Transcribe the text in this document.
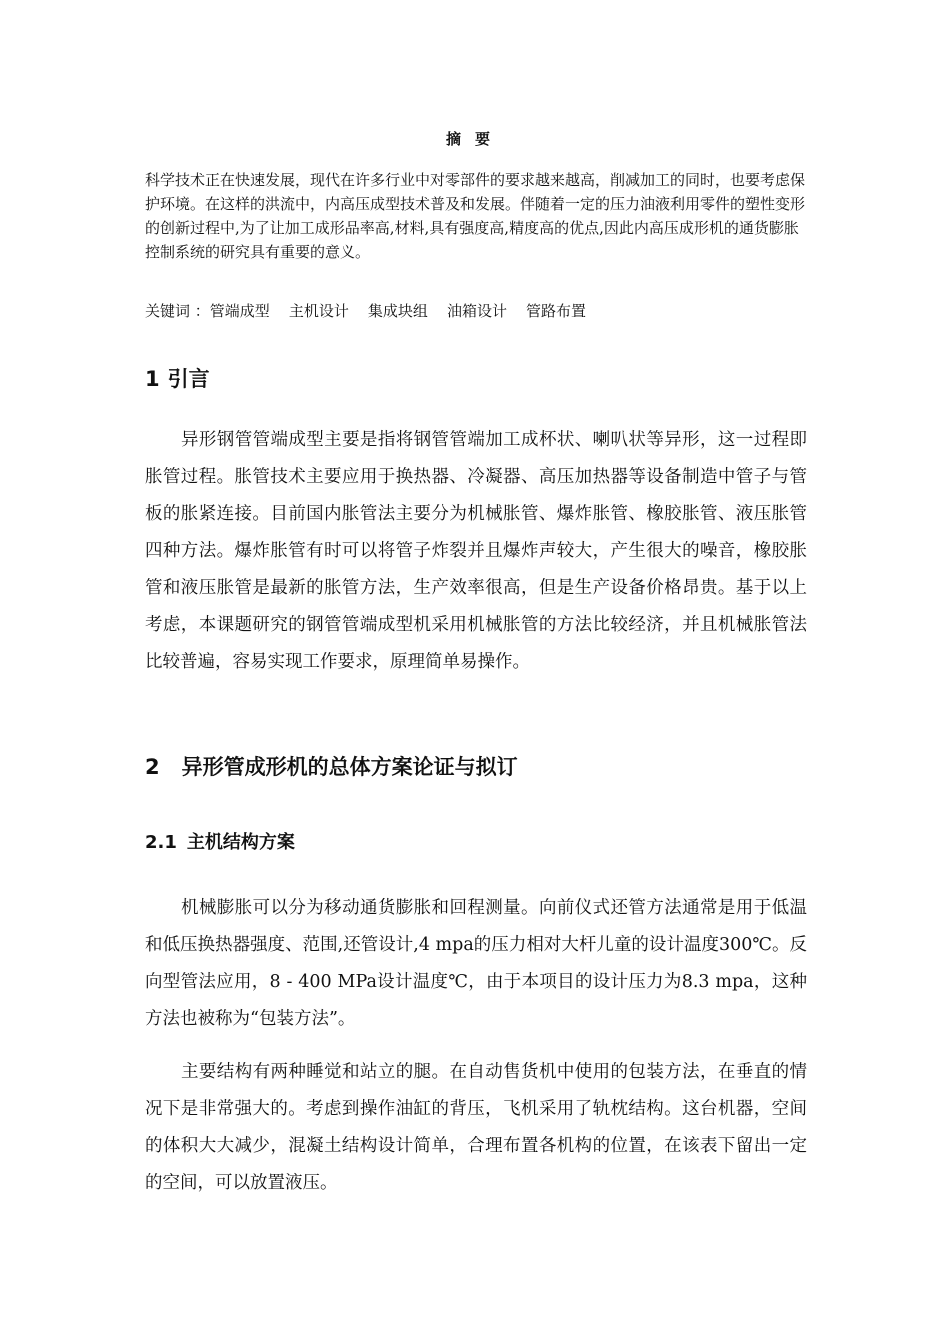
摘要

科学技术正在快速发展，现代在许多行业中对零部件的要求越来越高，削减加工的同时，也要考虑保护环境。在这样的洪流中，内高压成型技术普及和发展。伴随着一定的压力油液利用零件的塑性变形的创新过程中,为了让加工成形品率高,材料,具有强度高,精度高的优点,因此内高压成形机的通货膨胀控制系统的研究具有重要的意义。

关键词 ：管端成型    主机设计    集成块组    油箱设计    管路布置
1 引言

异形钢管管端成型主要是指将钢管管端加工成杯状、喇叭状等异形，这一过程即胀管过程。胀管技术主要应用于换热器、冷凝器、高压加热器等设备制造中管子与管板的胀紧连接。目前国内胀管法主要分为机械胀管、爆炸胀管、橡胶胀管、液压胀管四种方法。爆炸胀管有时可以将管子炸裂并且爆炸声较大，产生很大的噪音，橡胶胀管和液压胀管是最新的胀管方法，生产效率很高，但是生产设备价格昂贵。基于以上考虑，本课题研究的钢管管端成型机采用机械胀管的方法比较经济，并且机械胀管法比较普遍，容易实现工作要求，原理简单易操作。

2 异形管成形机的总体方案论证与拟订
2.1 主机结构方案

机械膨胀可以分为移动通货膨胀和回程测量。向前仪式还管方法通常是用于低温和低压换热器强度、范围,还管设计,4 mpa的压力相对大杆儿童的设计温度300℃。反向型管法应用，8 - 400 MPa设计温度℃，由于本项目的设计压力为8.3 mpa，这种方法也被称为“包装方法”。

主要结构有两种睡觉和站立的腿。在自动售货机中使用的包装方法，在垂直的情况下是非常强大的。考虑到操作油缸的背压，飞机采用了轨枕结构。这台机器，空间的体积大大减少，混凝土结构设计简单，合理布置各机构的位置，在该表下留出一定的空间，可以放置液压。
